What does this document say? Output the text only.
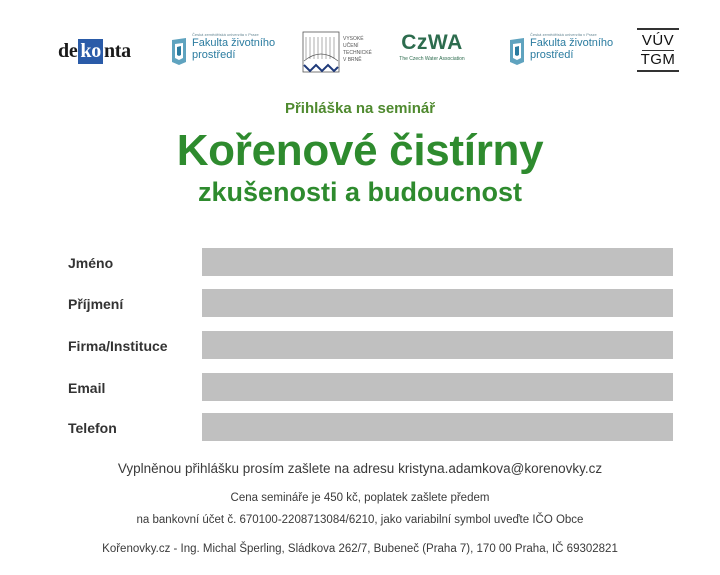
de ko nta
Česká zemědělská univerzita v Praze
Fakulta životního
prostředí
VYSOKÉ
UČENÍ
TECHNICKÉ
V BRNĚ
CzWA
The Czech Water Association
Česká zemědělská univerzita v Praze
Fakulta životního
prostředí
VÚV
TGM

Přihláška na seminář

Kořenové čistírny
zkušenosti a budoucnost
Jméno
Příjmení
Firma/Instituce
Email
Telefon

Vyplněnou přihlášku prosím zašlete na adresu kristyna.adamkova@korenovky.cz

Cena semináře je 450 kč, poplatek zašlete předem

na bankovní účet č. 670100-2208713084/6210, jako variabilní symbol uveďte IČO Obce

Kořenovky.cz - Ing. Michal Šperling, Sládkova 262/7, Bubeneč (Praha 7), 170 00 Praha, IČ 69302821
